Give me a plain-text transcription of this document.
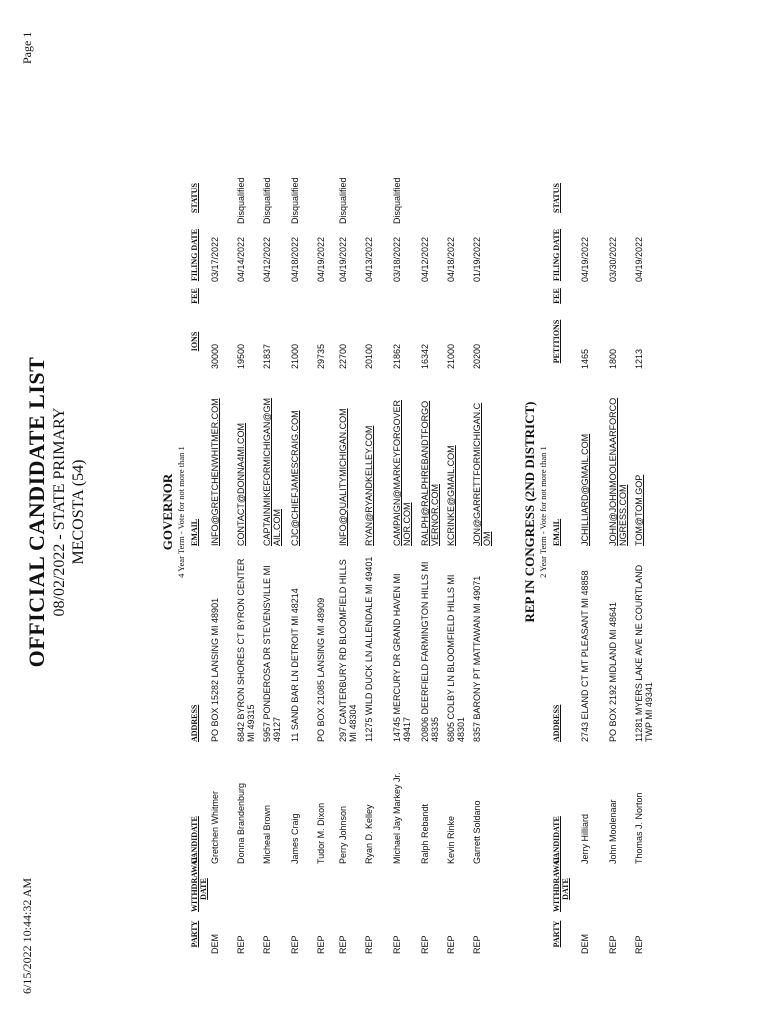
6/15/2022 10:44:32 AM
Page 1
OFFICIAL CANDIDATE LIST 08/02/2022 - STATE PRIMARY MECOSTA (54)	GOVERNOR 4 Year Term - Vote for not more than 1
PARTY
WITHDRAWAL DATE
CANDIDATE
ADDRESS
EMAIL
IONS
FEE
FILING DATE
STATUS
DEM
Gretchen Whitmer
PO BOX 15282 LANSING MI 48901
INFO@GRETCHENWHITMER.COM
30000
03/17/2022
REP
Donna Brandenburg
6842 BYRON SHORES CT BYRON CENTER MI 49315
CONTACT@DONNA4MI.COM
19500
04/14/2022
Disqualified
REP
Micheal Brown
5957 PONDEROSA DR STEVENSVILLE MI 49127
CAPTAINMIKEFORMICHIGAN@GMAIL.COM
21837
04/12/2022
Disqualified
REP
James Craig
11 SAND BAR LN DETROIT MI 48214
CJC@CHIEFJAMESCRAIG.COM
21000
04/18/2022
Disqualified
REP
Tudor M. Dixon
PO BOX 21085 LANSING MI 48909
29735
04/19/2022
REP
Perry Johnson
297 CANTERBURY RD BLOOMFIELD HILLS MI 48304
INFO@QUALITYMICHIGAN.COM
22700
04/19/2022
Disqualified
REP
Ryan D. Kelley
11275 WILD DUCK LN ALLENDALE MI 49401
RYAN@RYANDKELLEY.COM
20100
04/13/2022
REP
Michael Jay Markey Jr.
14745 MERCURY DR GRAND HAVEN MI 49417
CAMPAIGN@MARKEYFORGOVERNOR.COM
21862
03/18/2022
Disqualified
REP
Ralph Rebandt
20806 DEERFIELD FARMINGTON HILLS MI 48335
RALPH@RALPHREBANDTFORGOVERNOR.COM
16342
04/12/2022
REP
Kevin Rinke
6805 COLBY LN BLOOMFIELD HILLS MI 48301
KCRINKE@GMAIL.COM
21000
04/18/2022
REP
Garrett Soldano
8357 BARONY PT MATTAWAN MI 49071
JON@GARRETTFORMICHIGAN.COM
20200
01/19/2022
REP IN CONGRESS (2ND DISTRICT) 2 Year Term - Vote for not more than 1
PARTY
WITHDRAWAL DATE
CANDIDATE
ADDRESS
EMAIL
PETITIONS
FEE
FILING DATE
STATUS
DEM
Jerry Hilliard
2743 ELAND CT MT PLEASANT MI 48858
JCHILLIARD@GMAIL.COM
1465
04/19/2022
REP
John Moolenaar
PO BOX 2192 MIDLAND MI 48641
JOHN@JOHNMOOLENAARFORCONGRESS.COM
1800
03/30/2022
REP
Thomas J. Norton
11281 MYERS LAKE AVE NE COURTLAND TWP MI 49341
TOM@TOM.GOP
1213
04/19/2022
